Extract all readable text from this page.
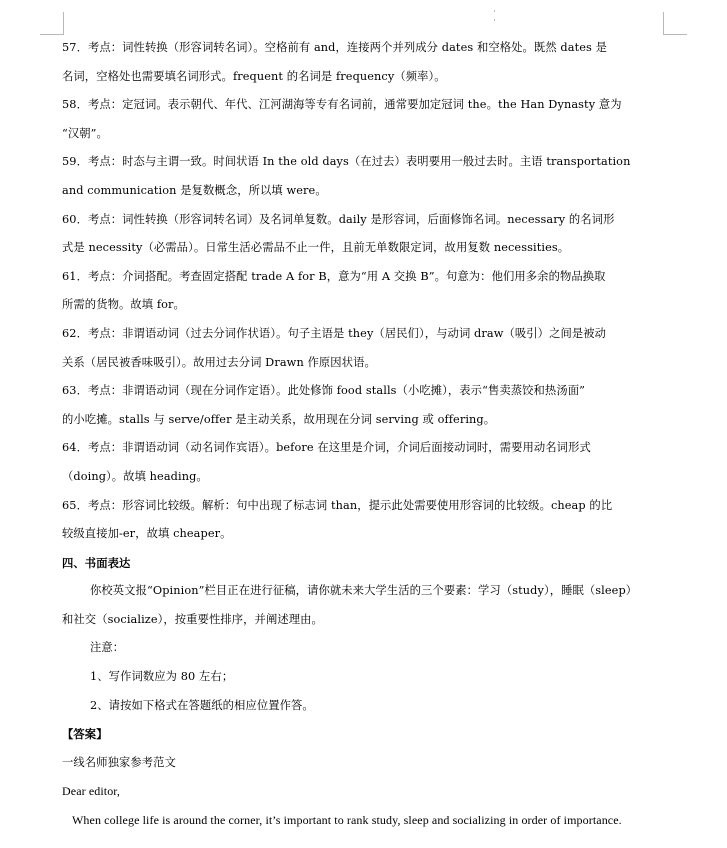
57．考点：词性转换（形容词转名词）。空格前有 and，连接两个并列成分 dates 和空格处。既然 dates 是
名词，空格处也需要填名词形式。frequent 的名词是 frequency（频率）。
58．考点：定冠词。表示朝代、年代、江河湖海等专有名词前，通常要加定冠词 the。the Han Dynasty 意为
“汉朝”。
59．考点：时态与主谓一致。时间状语 In the old days（在过去）表明要用一般过去时。主语 transportation
and communication 是复数概念，所以填 were。
60．考点：词性转换（形容词转名词）及名词单复数。daily 是形容词，后面修饰名词。necessary 的名词形
式是 necessity（必需品）。日常生活必需品不止一件，且前无单数限定词，故用复数 necessities。
61．考点：介词搭配。考查固定搭配 trade A for B，意为“用 A 交换 B”。句意为：他们用多余的物品换取
所需的货物。故填 for。
62．考点：非谓语动词（过去分词作状语）。句子主语是 they（居民们），与动词 draw（吸引）之间是被动
关系（居民被香味吸引）。故用过去分词 Drawn 作原因状语。
63．考点：非谓语动词（现在分词作定语）。此处修饰 food stalls（小吃摊），表示“售卖蒸饺和热汤面”
的小吃摊。stalls 与 serve/offer 是主动关系，故用现在分词 serving 或 offering。
64．考点：非谓语动词（动名词作宾语）。before 在这里是介词，介词后面接动词时，需要用动名词形式
（doing）。故填 heading。
65．考点：形容词比较级。解析：句中出现了标志词 than，提示此处需要使用形容词的比较级。cheap 的比
较级直接加-er，故填 cheaper。
四、书面表达
你校英文报“Opinion”栏目正在进行征稿，请你就未来大学生活的三个要素：学习（study），睡眠（sleep）
和社交（socialize），按重要性排序，并阐述理由。
注意：
1、写作词数应为 80 左右；
2、请按如下格式在答题纸的相应位置作答。
【答案】
一线名师独家参考范文
Dear editor,
When college life is around the corner, it’s important to rank study, sleep and socializing in order of importance.
